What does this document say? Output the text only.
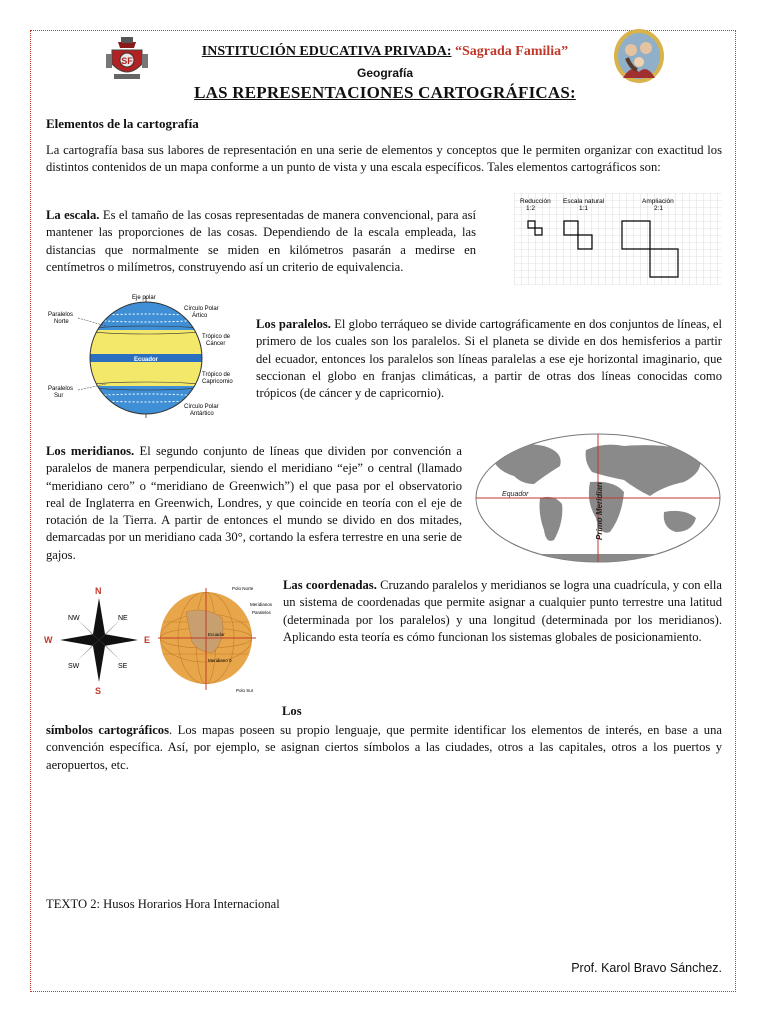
SF
INSTITUCIÓN EDUCATIVA PRIVADA: “Sagrada Familia”
Geografía
LAS REPRESENTACIONES CARTOGRÁFICAS:
Elementos de la cartografía
La cartografía basa sus labores de representación en una serie de elementos y conceptos que le permiten organizar con exactitud los distintos contenidos de un mapa conforme a un punto de vista y una escala específicos. Tales elementos cartográficos son:
La escala. Es el tamaño de las cosas representadas de manera convencional, para así mantener las proporciones de las cosas. Dependiendo de la escala empleada, las distancias que normalmente se miden en kilómetros pasarán a medirse en centímetros o milímetros, construyendo así un criterio de equivalencia.
Reducción
1:2
Escala natural
1:1
Ampliación
2:1
Eje polar
Ecuador
Paralelos
Norte
Paralelos
Sur
Círculo Polar
Ártico
Trópico de
Cáncer
Trópico de
Capricornio
Círculo Polar
Antártico
Los paralelos. El globo terráqueo se divide cartográficamente en dos conjuntos de líneas, el primero de los cuales son los paralelos. Si el planeta se divide en dos hemisferios a partir del ecuador, entonces los paralelos son líneas paralelas a ese eje horizontal imaginario, que seccionan el globo en franjas climáticas, a partir de otras dos líneas conocidas como trópicos (de cáncer y de capricornio).
Los meridianos. El segundo conjunto de líneas que dividen por convención a paralelos de manera perpendicular, siendo el meridiano “eje” o central (llamado “meridiano cero” o “meridiano de Greenwich”) el que pasa por el observatorio real de Inglaterra en Greenwich, Londres, y que coincide en teoría con el eje de rotación de la Tierra. A partir de entonces el mundo se divido en dos mitades, demarcadas por un meridiano cada 30°, cortando la esfera terrestre en una serie de gajos.
Equador	Primo Meridian
N
S
W	E
NW	NE
SW	SE
Polo Norte
Meridianos
Paralelos
Polo Sur
Ecuador
Meridiano 0
Las coordenadas. Cruzando paralelos y meridianos se logra una cuadrícula, y con ella un sistema de coordenadas que permite asignar a cualquier punto terrestre una latitud (determinada por los paralelos) y una longitud (determinada por los meridianos). Aplicando esta teoría es cómo funcionan los sistemas globales de posicionamiento.
Los
símbolos cartográficos. Los mapas poseen su propio lenguaje, que permite identificar los elementos de interés, en base a una convención específica. Así, por ejemplo, se asignan ciertos símbolos a las ciudades, otros a las capitales, otros a los puertos y aeropuertos, etc.
TEXTO 2: Husos Horarios Hora Internacional
Prof. Karol Bravo Sánchez.
